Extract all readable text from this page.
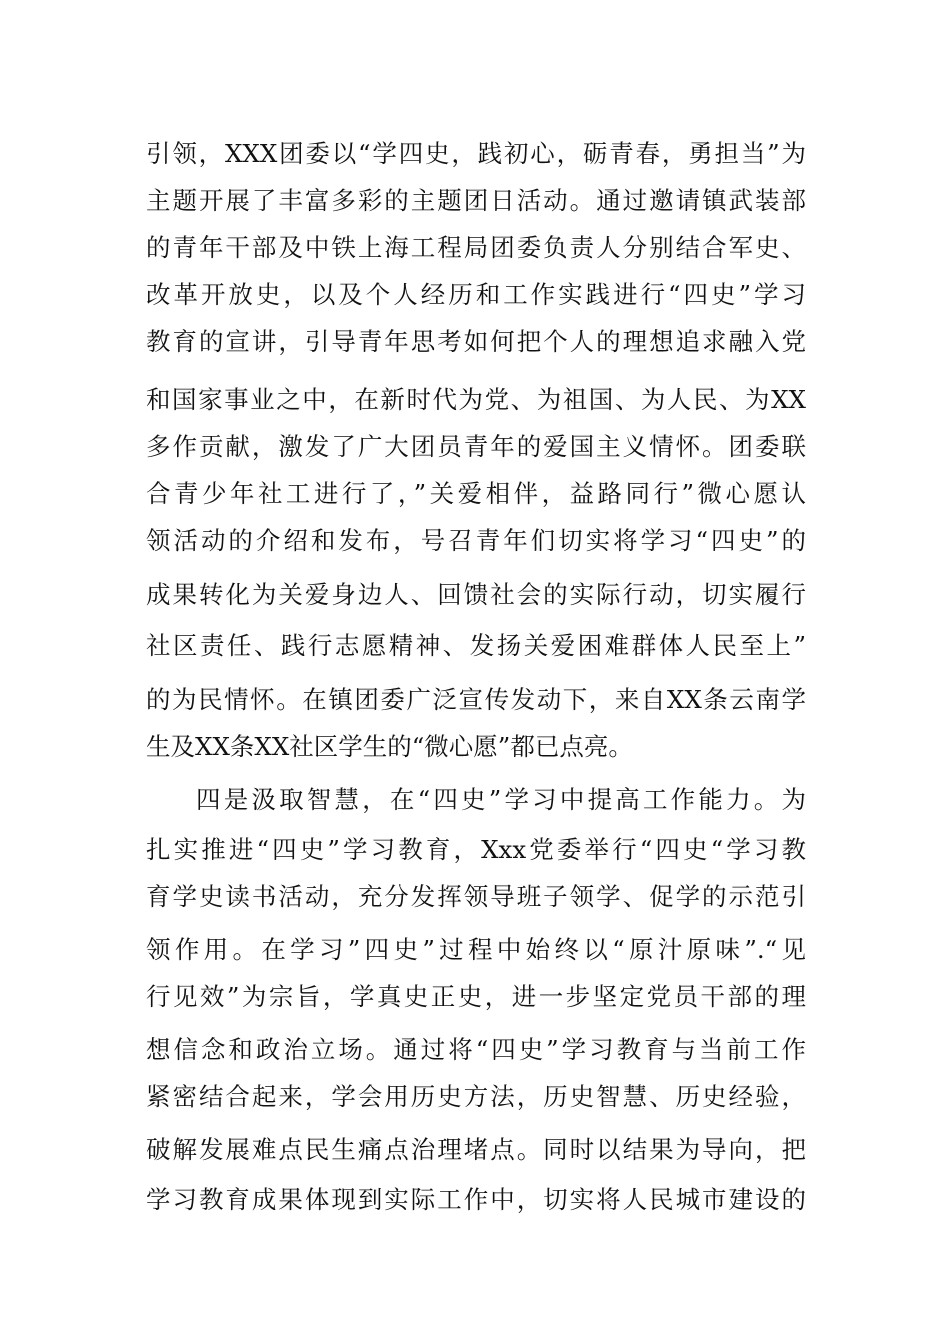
引领，XXX团委以“学四史，践初心，砺青春，勇担当”为
主题开展了丰富多彩的主题团日活动。通过邀请镇武装部
的青年干部及中铁上海工程局团委负责人分别结合军史、
改革开放史，以及个人经历和工作实践进行“四史”学习
教育的宣讲，引导青年思考如何把个人的理想追求融入党
和国家事业之中，在新时代为党、为祖国、为人民、为XX
多作贡献，激发了广大团员青年的爱国主义情怀。团委联
合青少年社工进行了，”关爱相伴，益路同行”微心愿认
领活动的介绍和发布，号召青年们切实将学习“四史”的
成果转化为关爱身边人、回馈社会的实际行动，切实履行
社区责任、践行志愿精神、发扬关爱困难群体人民至上”
的为民情怀。在镇团委广泛宣传发动下，来自XX条云南学
生及XX条XX社区学生的“微心愿”都已点亮。
四是汲取智慧，在“四史”学习中提高工作能力。为
扎实推进“四史”学习教育，Xxx党委举行“四史“学习教
育学史读书活动，充分发挥领导班子领学、促学的示范引
领作用。在学习”四史”过程中始终以“原汁原味”.“见
行见效”为宗旨，学真史正史，进一步坚定党员干部的理
想信念和政治立场。通过将“四史”学习教育与当前工作
紧密结合起来，学会用历史方法，历史智慧、历史经验，
破解发展难点民生痛点治理堵点。同时以结果为导向，把
学习教育成果体现到实际工作中，切实将人民城市建设的
